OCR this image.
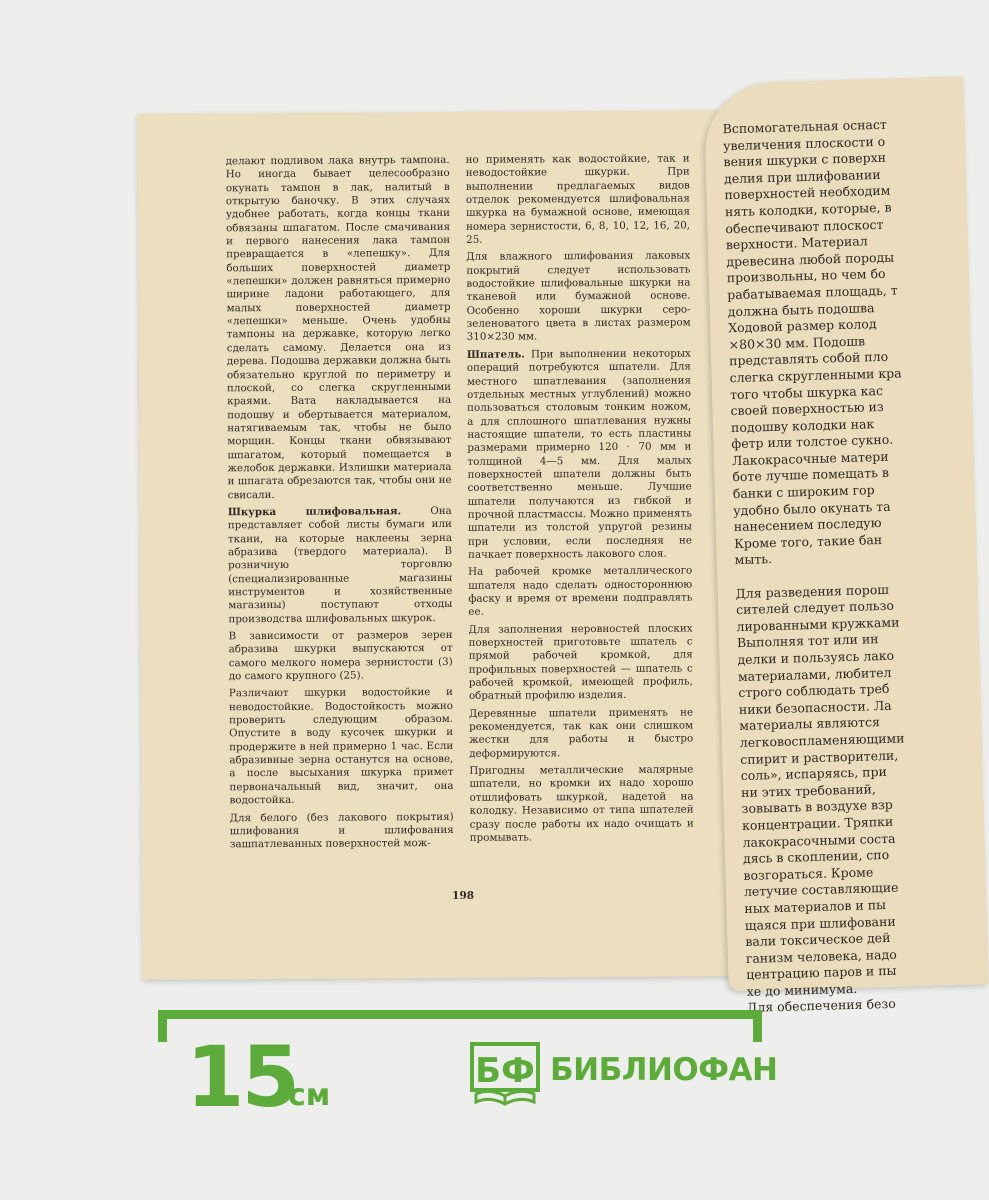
делают подливом лака внутрь тампона. Но иногда бывает целесообразно окунать тампон в лак, налитый в открытую баночку. В этих случаях удобнее работать, когда концы ткани обвязаны шпагатом. После смачивания и первого нанесения лака тампон превращается в «лепешку». Для больших поверхностей диаметр «лепешки» должен равняться примерно ширине ладони работающего, для малых поверхностей диаметр «лепешки» меньше. Очень удобны тампоны на державке, которую легко сделать самому. Делается она из дерева. Подошва державки должна быть обязательно круглой по периметру и плоской, со слегка скругленными краями. Вата накладывается на подошву и обертывается материалом, натягиваемым так, чтобы не было морщин. Концы ткани обвязывают шпагатом, который помещается в желобок державки. Излишки материала и шпагата обрезаются так, чтобы они не свисали.

Шкурка шлифовальная. Она представляет собой листы бумаги или ткани, на которые наклеены зерна абразива (твердого материала). В розничную торговлю (специализированные магазины инструментов и хозяйственные магазины) поступают отходы производства шлифовальных шкурок.

В зависимости от размеров зерен абразива шкурки выпускаются от самого мелкого номера зернистости (3) до самого крупного (25).

Различают шкурки водостойкие и неводостойкие. Водостойкость можно проверить следующим образом. Опустите в воду кусочек шкурки и продержите в ней примерно 1 час. Если абразивные зерна останутся на основе, а после высыхания шкурка примет первоначальный вид, значит, она водостойка.

Для белого (без лакового покрытия) шлифования и шлифования зашпатлеванных поверхностей мож-

но применять как водостойкие, так и неводостойкие шкурки. При выполнении предлагаемых видов отделок рекомендуется шлифовальная шкурка на бумажной основе, имеющая номера зернистости, 6, 8, 10, 12, 16, 20, 25.

Для влажного шлифования лаковых покрытий следует использовать водостойкие шлифовальные шкурки на тканевой или бумажной основе. Особенно хороши шкурки серо-зеленоватого цвета в листах размером 310×230 мм.

Шпатель. При выполнении некоторых операций потребуются шпатели. Для местного шпатлевания (заполнения отдельных местных углублений) можно пользоваться столовым тонким ножом, а для сплошного шпатлевания нужны настоящие шпатели, то есть пластины размерами примерно 120 · 70 мм и толщиной 4—5 мм. Для малых поверхностей шпатели должны быть соответственно меньше. Лучшие шпатели получаются из гибкой и прочной пластмассы. Можно применять шпатели из толстой упругой резины при условии, если последняя не пачкает поверхность лакового слоя.

На рабочей кромке металлического шпателя надо сделать одностороннюю фаску и время от времени подправлять ее.

Для заполнения неровностей плоских поверхностей приготовьте шпатель с прямой рабочей кромкой, для профильных поверхностей — шпатель с рабочей кромкой, имеющей профиль, обратный профилю изделия.

Деревянные шпатели применять не рекомендуется, так как они слишком жестки для работы и быстро деформируются.

Пригодны металлические малярные шпатели, но кромки их надо хорошо отшлифовать шкуркой, надетой на колодку. Независимо от типа шпателей сразу после работы их надо очищать и промывать.

198
Вспомогательная оснаст
увеличения плоскости о
вения шкурки с поверхн
делия при шлифовании
поверхностей необходим
нять колодки, которые, в
обеспечивают плоскост
верхности. Материал
древесина любой породы
произвольны, но чем бо
рабатываемая площадь, т
должна быть подошва
Ходовой размер колод
×80×30 мм. Подошв
представлять собой пло
слегка скругленными кра
того чтобы шкурка кас
своей поверхностью из
подошву колодки нак
фетр или толстое сукно.
Лакокрасочные матери
боте лучше помещать в
банки с широким гор
удобно было окунать та
нанесением последую
Кроме того, такие бан
мыть.
Для разведения порош
сителей следует пользо
лированными кружками
Выполняя тот или ин
делки и пользуясь лако
материалами, любител
строго соблюдать треб
ники безопасности. Ла
материалы являются
легковоспламеняющими
спирит и растворители,
соль», испаряясь, при
ни этих требований,
зовывать в воздухе взр
концентрации. Тряпки
лакокрасочными соста
дясь в скоплении, спо
возгораться. Кроме
летучие составляющие
ных материалов и пы
щаяся при шлифовани
вали токсическое дей
ганизм человека, надо
центрацию паров и пы
хе до минимума.
Для обеспечения безо
15
см
БФ БИБЛИОФАН
